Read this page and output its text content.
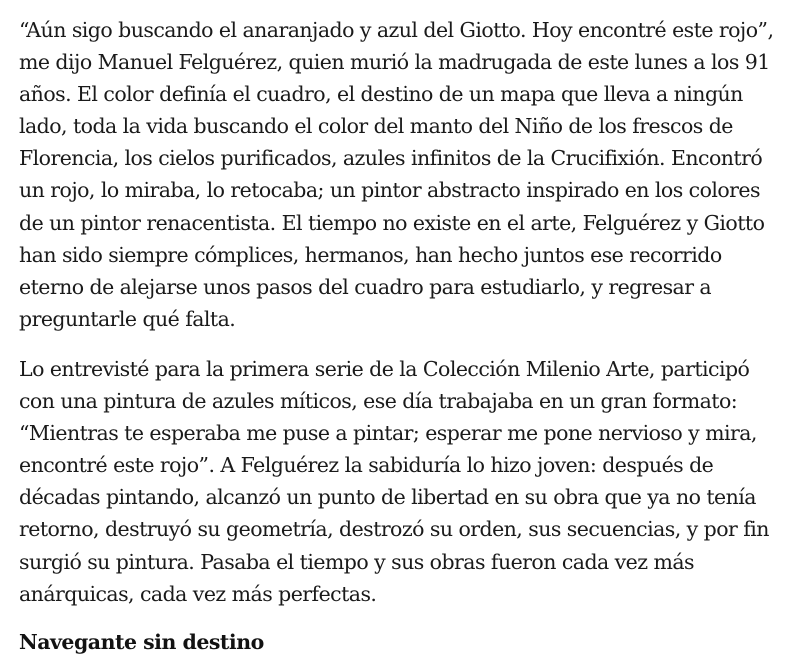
“Aún sigo buscando el anaranjado y azul del Giotto. Hoy encontré este rojo”, me dijo Manuel Felguérez, quien murió la madrugada de este lunes a los 91 años. El color definía el cuadro, el destino de un mapa que lleva a ningún lado, toda la vida buscando el color del manto del Niño de los frescos de Florencia, los cielos purificados, azules infinitos de la Crucifixión. Encontró un rojo, lo miraba, lo retocaba; un pintor abstracto inspirado en los colores de un pintor renacentista. El tiempo no existe en el arte, Felguérez y Giotto han sido siempre cómplices, hermanos, han hecho juntos ese recorrido eterno de alejarse unos pasos del cuadro para estudiarlo, y regresar a preguntarle qué falta.

Lo entrevisté para la primera serie de la Colección Milenio Arte, participó con una pintura de azules míticos, ese día trabajaba en un gran formato: “Mientras te esperaba me puse a pintar; esperar me pone nervioso y mira, encontré este rojo”. A Felguérez la sabiduría lo hizo joven: después de décadas pintando, alcanzó un punto de libertad en su obra que ya no tenía retorno, destruyó su geometría, destrozó su orden, sus secuencias, y por fin surgió su pintura. Pasaba el tiempo y sus obras fueron cada vez más anárquicas, cada vez más perfectas.

Navegante sin destino
